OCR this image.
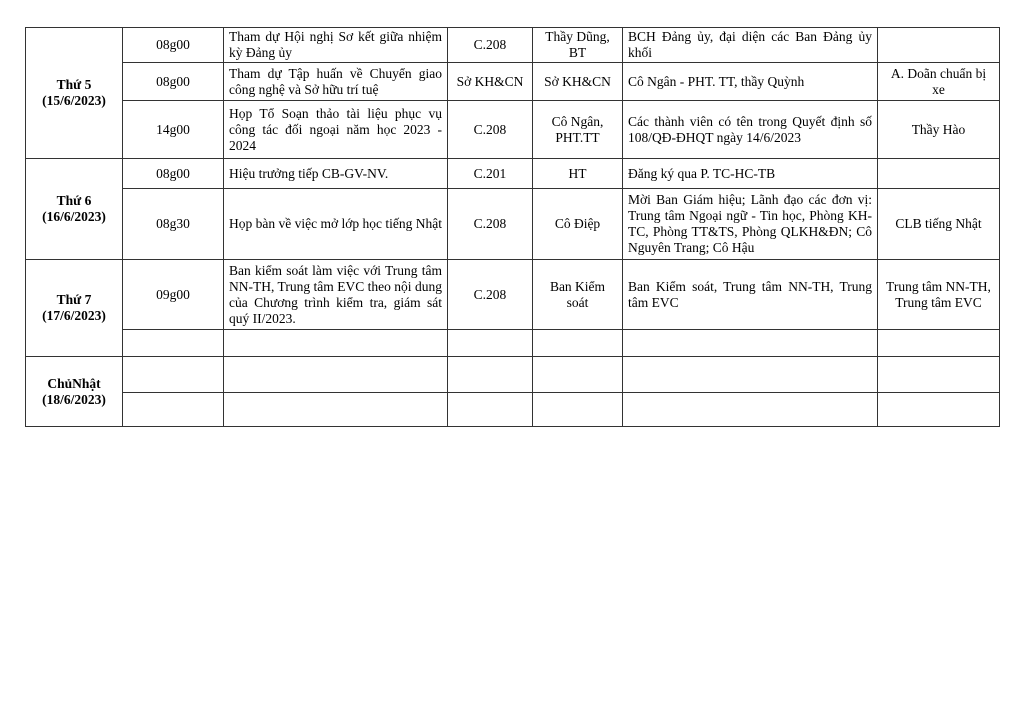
Thứ 5
(15/6/2023)	08g00	Tham dự Hội nghị Sơ kết giữa nhiệm kỳ Đảng ủy	C.208	Thầy Dũng, BT	BCH Đảng ủy, đại diện các Ban Đảng ủy khối	
	08g00	Tham dự Tập huấn về Chuyển giao công nghệ và Sở hữu trí tuệ	Sở KH&CN	Sở KH&CN	Cô Ngân - PHT. TT, thầy Quỳnh	A. Doãn chuẩn bị xe
	14g00	Họp Tổ Soạn thảo tài liệu phục vụ công tác đối ngoại năm học 2023 - 2024	C.208	Cô Ngân, PHT.TT	Các thành viên có tên trong Quyết định số 108/QĐ-ĐHQT ngày 14/6/2023	Thầy Hào

Thứ 6
(16/6/2023)	08g00	Hiệu trưởng tiếp CB-GV-NV.	C.201	HT	Đăng ký qua P. TC-HC-TB	
	08g30	Họp bàn về việc mở lớp học tiếng Nhật	C.208	Cô Điệp	Mời Ban Giám hiệu; Lãnh đạo các đơn vị: Trung tâm Ngoại ngữ - Tin học, Phòng KH-TC, Phòng TT&TS, Phòng QLKH&ĐN; Cô Nguyên Trang; Cô Hậu	CLB tiếng Nhật

Thứ 7
(17/6/2023)	09g00	Ban kiểm soát làm việc với Trung tâm NN-TH, Trung tâm EVC theo nội dung của Chương trình kiểm tra, giám sát quý II/2023.	C.208	Ban Kiểm soát	Ban Kiểm soát, Trung tâm NN-TH, Trung tâm EVC	Trung tâm NN-TH, Trung tâm EVC

ChủNhật
(18/6/2023)						
